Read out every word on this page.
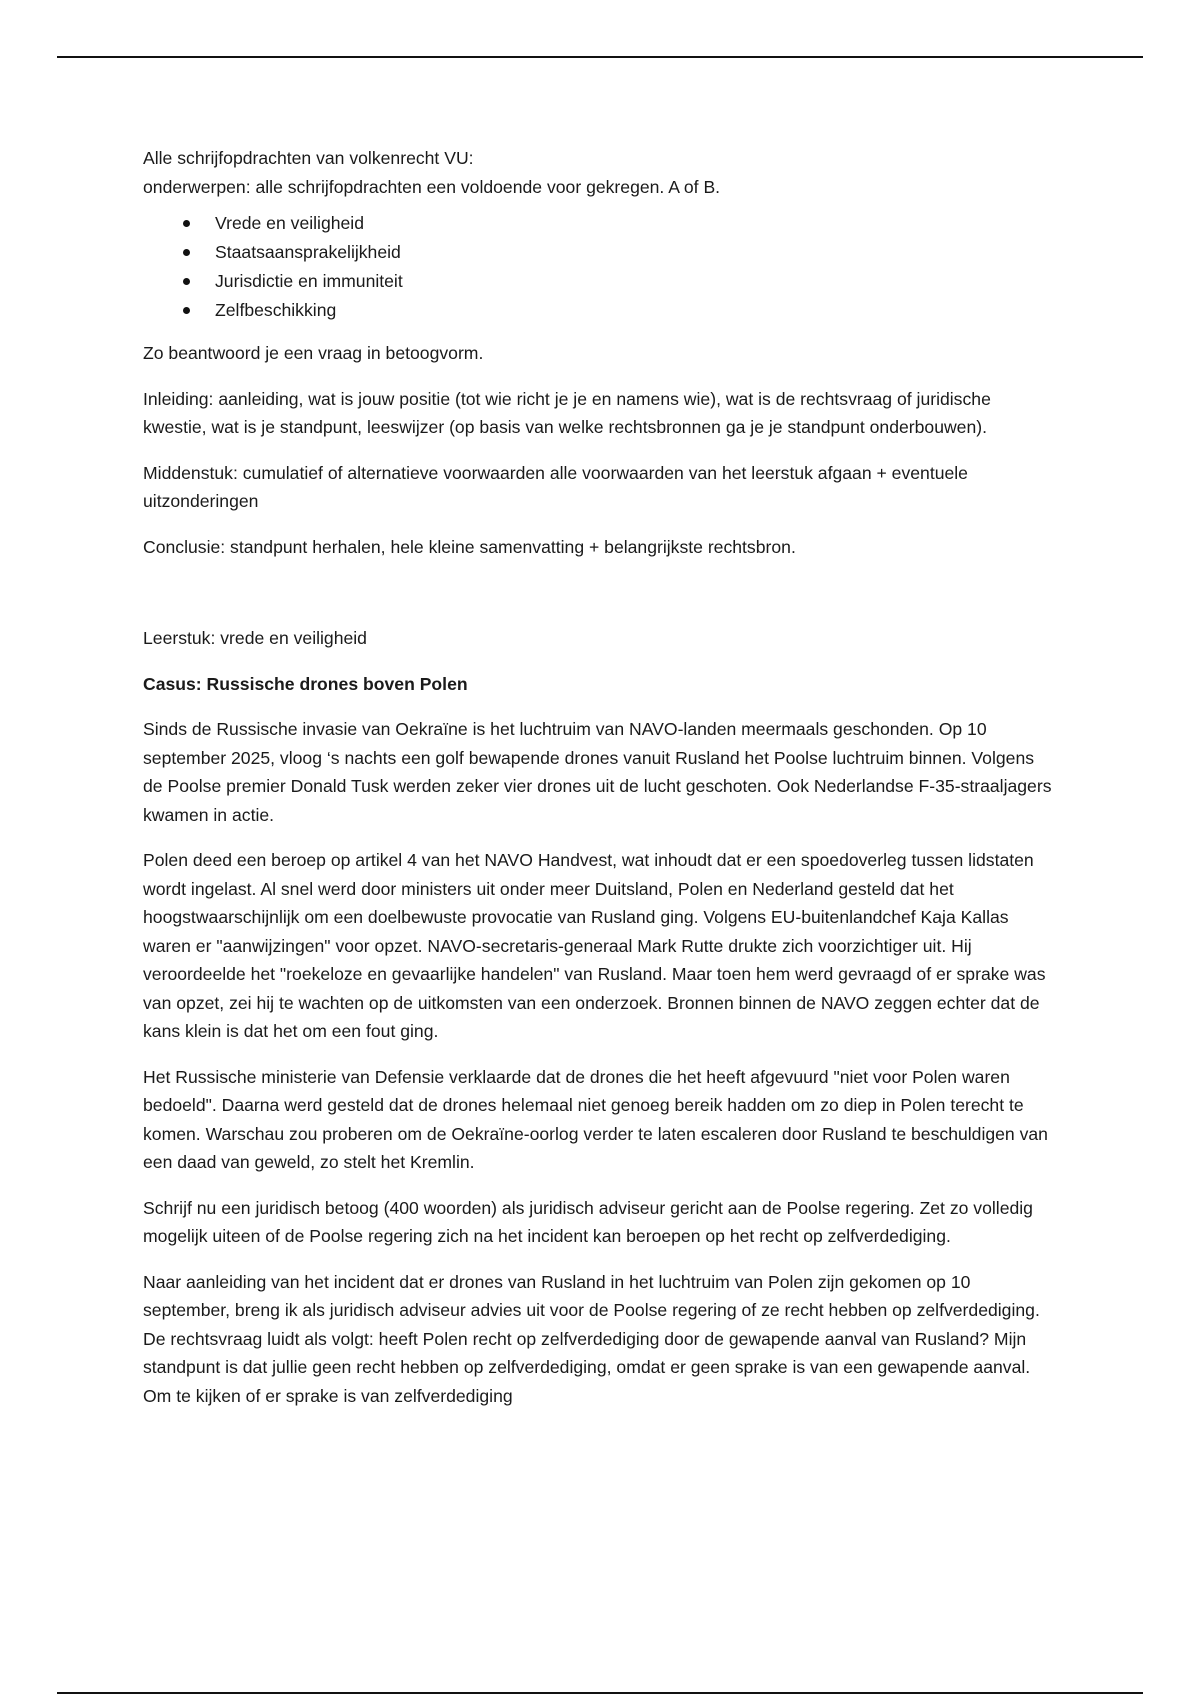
Alle schrijfopdrachten van volkenrecht VU:

onderwerpen: alle schrijfopdrachten een voldoende voor gekregen. A of B.

Vrede en veiligheid
Staatsaansprakelijkheid
Jurisdictie en immuniteit
Zelfbeschikking

Zo beantwoord je een vraag in betoogvorm.

Inleiding: aanleiding, wat is jouw positie (tot wie richt je je en namens wie), wat is de rechtsvraag of juridische kwestie, wat is je standpunt, leeswijzer (op basis van welke rechtsbronnen ga je je standpunt onderbouwen).

Middenstuk: cumulatief of alternatieve voorwaarden alle voorwaarden van het leerstuk afgaan + eventuele uitzonderingen

Conclusie: standpunt herhalen, hele kleine samenvatting + belangrijkste rechtsbron.

Leerstuk: vrede en veiligheid

Casus: Russische drones boven Polen

Sinds de Russische invasie van Oekraïne is het luchtruim van NAVO-landen meermaals geschonden. Op 10 september 2025, vloog ‘s nachts een golf bewapende drones vanuit Rusland het Poolse luchtruim binnen. Volgens de Poolse premier Donald Tusk werden zeker vier drones uit de lucht geschoten. Ook Nederlandse F-35-straaljagers kwamen in actie.

Polen deed een beroep op artikel 4 van het NAVO Handvest, wat inhoudt dat er een spoedoverleg tussen lidstaten wordt ingelast. Al snel werd door ministers uit onder meer Duitsland, Polen en Nederland gesteld dat het hoogstwaarschijnlijk om een doelbewuste provocatie van Rusland ging. Volgens EU-buitenlandchef Kaja Kallas waren er "aanwijzingen" voor opzet. NAVO-secretaris-generaal Mark Rutte drukte zich voorzichtiger uit. Hij veroordeelde het "roekeloze en gevaarlijke handelen" van Rusland. Maar toen hem werd gevraagd of er sprake was van opzet, zei hij te wachten op de uitkomsten van een onderzoek. Bronnen binnen de NAVO zeggen echter dat de kans klein is dat het om een fout ging.

Het Russische ministerie van Defensie verklaarde dat de drones die het heeft afgevuurd "niet voor Polen waren bedoeld". Daarna werd gesteld dat de drones helemaal niet genoeg bereik hadden om zo diep in Polen terecht te komen. Warschau zou proberen om de Oekraïne-oorlog verder te laten escaleren door Rusland te beschuldigen van een daad van geweld, zo stelt het Kremlin.

Schrijf nu een juridisch betoog (400 woorden) als juridisch adviseur gericht aan de Poolse regering. Zet zo volledig mogelijk uiteen of de Poolse regering zich na het incident kan beroepen op het recht op zelfverdediging.

Naar aanleiding van het incident dat er drones van Rusland in het luchtruim van Polen zijn gekomen op 10 september, breng ik als juridisch adviseur advies uit voor de Poolse regering of ze recht hebben op zelfverdediging. De rechtsvraag luidt als volgt: heeft Polen recht op zelfverdediging door de gewapende aanval van Rusland? Mijn standpunt is dat jullie geen recht hebben op zelfverdediging, omdat er geen sprake is van een gewapende aanval. Om te kijken of er sprake is van zelfverdediging
